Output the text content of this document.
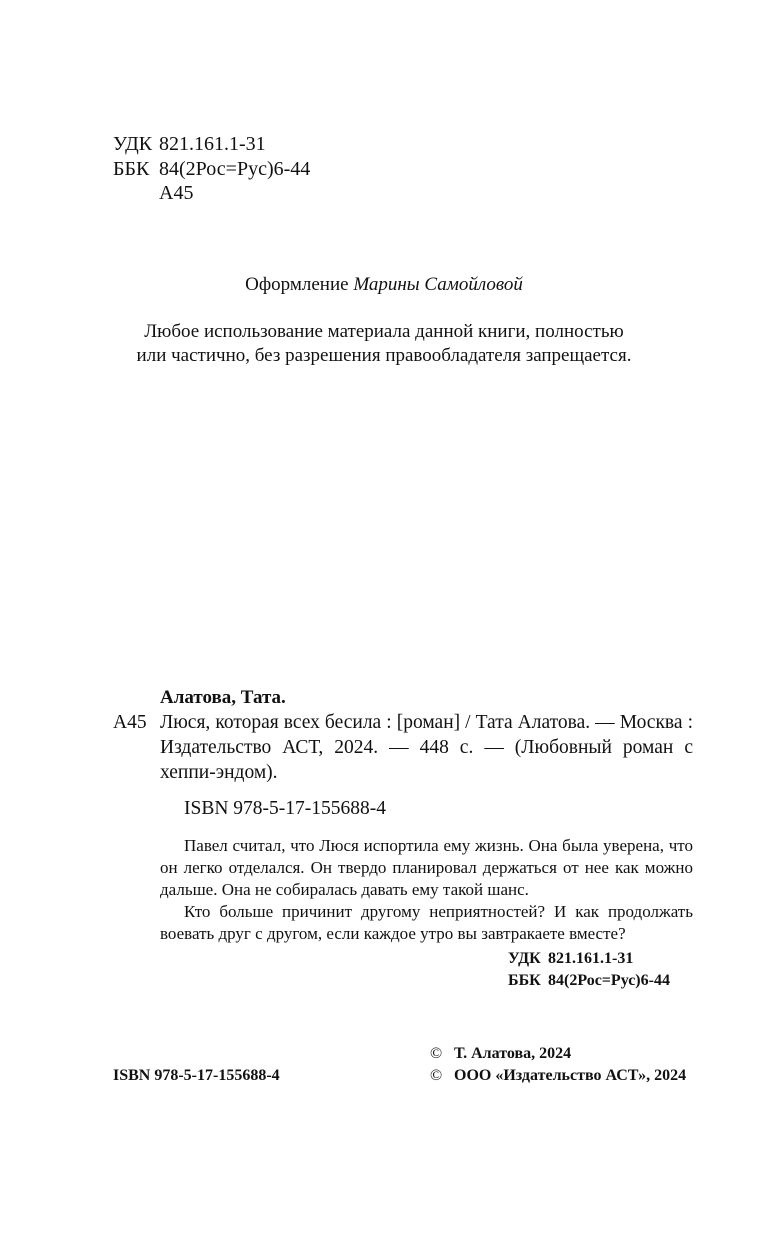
УДК 821.161.1-31
ББК 84(2Рос=Рус)6-44
А45
Оформление Марины Самойловой
Любое использование материала данной книги, полностью
или частично, без разрешения правообладателя запрещается.
Алатова, Тата.
А45 Люся, которая всех бесила : [роман] / Тата Алатова. — Москва : Издательство АСТ, 2024. — 448 с. — (Любовный роман с хеппи-эндом).
ISBN 978-5-17-155688-4

Павел считал, что Люся испортила ему жизнь. Она была уверена, что он легко отделался. Он твердо планировал держаться от нее как можно дальше. Она не собиралась давать ему такой шанс.

Кто больше причинит другому неприятностей? И как продолжать воевать друг с другом, если каждое утро вы завтракаете вместе?

УДК 821.161.1-31
ББК 84(2Рос=Рус)6-44
ISBN 978-5-17-155688-4
© Т. Алатова, 2024
© ООО «Издательство АСТ», 2024
